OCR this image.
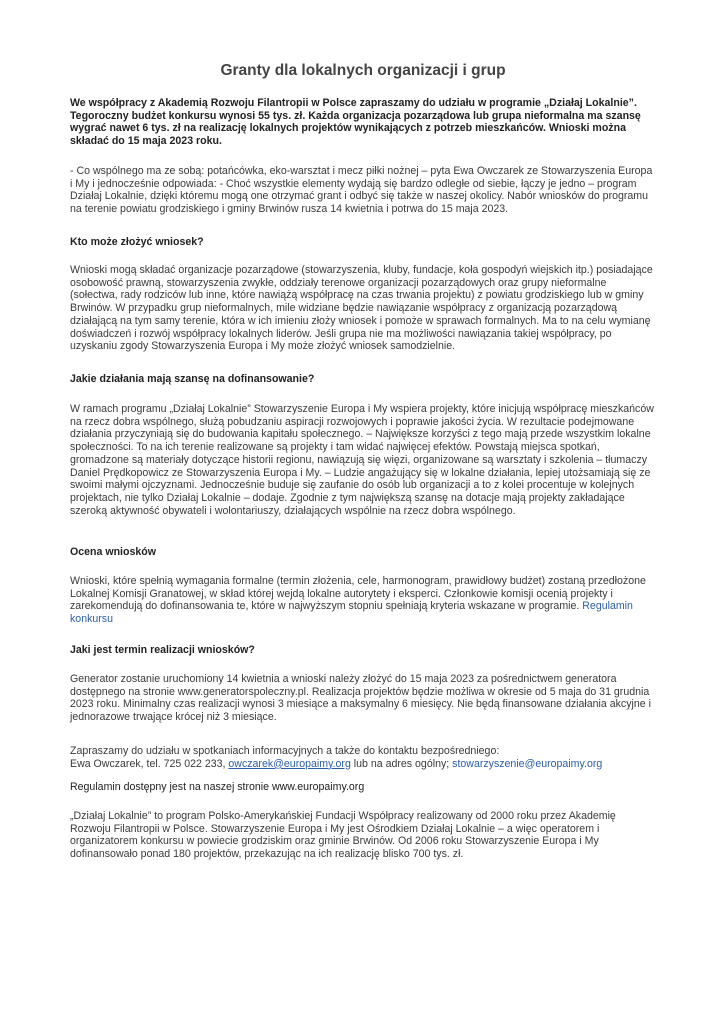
Granty dla lokalnych organizacji i grup

We współpracy z Akademią Rozwoju Filantropii w Polsce zapraszamy do udziału w programie „Działaj Lokalnie”. Tegoroczny budżet konkursu wynosi 55 tys. zł. Każda organizacja pozarządowa lub grupa nieformalna ma szansę wygrać nawet 6 tys. zł na realizację lokalnych projektów wynikających z potrzeb mieszkańców. Wnioski można składać do 15 maja 2023 roku.

- Co wspólnego ma ze sobą: potańcówka, eko-warsztat i mecz piłki nożnej – pyta Ewa Owczarek ze Stowarzyszenia Europa i My i jednocześnie odpowiada: - Choć wszystkie elementy wydają się bardzo odległe od siebie, łączy je jedno – program Działaj Lokalnie, dzięki któremu mogą one otrzymać grant i odbyć się także w naszej okolicy. Nabór wniosków do programu na terenie powiatu grodziskiego i gminy Brwinów rusza 14 kwietnia i potrwa do 15 maja 2023.

Kto może złożyć wniosek?

Wnioski mogą składać organizacje pozarządowe (stowarzyszenia, kluby, fundacje, koła gospodyń wiejskich itp.) posiadające osobowość prawną, stowarzyszenia zwykłe, oddziały terenowe organizacji pozarządowych oraz grupy nieformalne (sołectwa, rady rodziców lub inne, które nawiążą współpracę na czas trwania projektu) z powiatu grodziskiego lub w gminy Brwinów. W przypadku grup nieformalnych, mile widziane będzie nawiązanie współpracy z organizacją pozarządową działającą na tym samy terenie, która w ich imieniu złoży wniosek i pomoże w sprawach formalnych. Ma to na celu wymianę doświadczeń i rozwój współpracy lokalnych liderów. Jeśli grupa nie ma możliwości nawiązania takiej współpracy, po uzyskaniu zgody Stowarzyszenia Europa i My może złożyć wniosek samodzielnie.

Jakie działania mają szansę na dofinansowanie?

W ramach programu „Działaj Lokalnie” Stowarzyszenie Europa i My wspiera projekty, które inicjują współpracę mieszkańców na rzecz dobra wspólnego, służą pobudzaniu aspiracji rozwojowych i poprawie jakości życia. W rezultacie podejmowane działania przyczyniają się do budowania kapitału społecznego. – Największe korzyści z tego mają przede wszystkim lokalne społeczności. To na ich terenie realizowane są projekty i tam widać najwięcej efektów. Powstają miejsca spotkań, gromadzone są materiały dotyczące historii regionu, nawiązują się więzi, organizowane są warsztaty i szkolenia – tłumaczy Daniel Prędkopowicz ze Stowarzyszenia Europa i My. – Ludzie angażujący się w lokalne działania, lepiej utożsamiają się ze swoimi małymi ojczyznami. Jednocześnie buduje się zaufanie do osób lub organizacji a to z kolei procentuje w kolejnych projektach, nie tylko Działaj Lokalnie – dodaje. Zgodnie z tym największą szansę na dotacje mają projekty zakładające szeroką aktywność obywateli i wolontariuszy, działających wspólnie na rzecz dobra wspólnego.

Ocena wniosków

Wnioski, które spełnią wymagania formalne (termin złożenia, cele, harmonogram, prawidłowy budżet) zostaną przedłożone Lokalnej Komisji Granatowej, w skład której wejdą lokalne autorytety i eksperci. Członkowie komisji ocenią projekty i zarekomendują do dofinansowania te, które w najwyższym stopniu spełniają kryteria wskazane w programie. Regulamin konkursu

Jaki jest termin realizacji wniosków?

Generator zostanie uruchomiony 14 kwietnia a wnioski należy złożyć do 15 maja 2023 za pośrednictwem generatora dostępnego na stronie www.generatorspoleczny.pl. Realizacja projektów będzie możliwa w okresie od 5 maja do 31 grudnia 2023 roku. Minimalny czas realizacji wynosi 3 miesiące a maksymalny 6 miesięcy. Nie będą finansowane działania akcyjne i jednorazowe trwające krócej niż 3 miesiące.

Zapraszamy do udziału w spotkaniach informacyjnych a także do kontaktu bezpośredniego:
Ewa Owczarek, tel. 725 022 233, owczarek@europaimy.org lub na adres ogólny; stowarzyszenie@europaimy.org

Regulamin dostępny jest na naszej stronie www.europaimy.org

„Działaj Lokalnie” to program Polsko-Amerykańskiej Fundacji Współpracy realizowany od 2000 roku przez Akademię Rozwoju Filantropii w Polsce. Stowarzyszenie Europa i My jest Ośrodkiem Działaj Lokalnie – a więc operatorem i organizatorem konkursu w powiecie grodziskim oraz gminie Brwinów. Od 2006 roku Stowarzyszenie Europa i My dofinansowało ponad 180 projektów, przekazując na ich realizację blisko 700 tys. zł.
